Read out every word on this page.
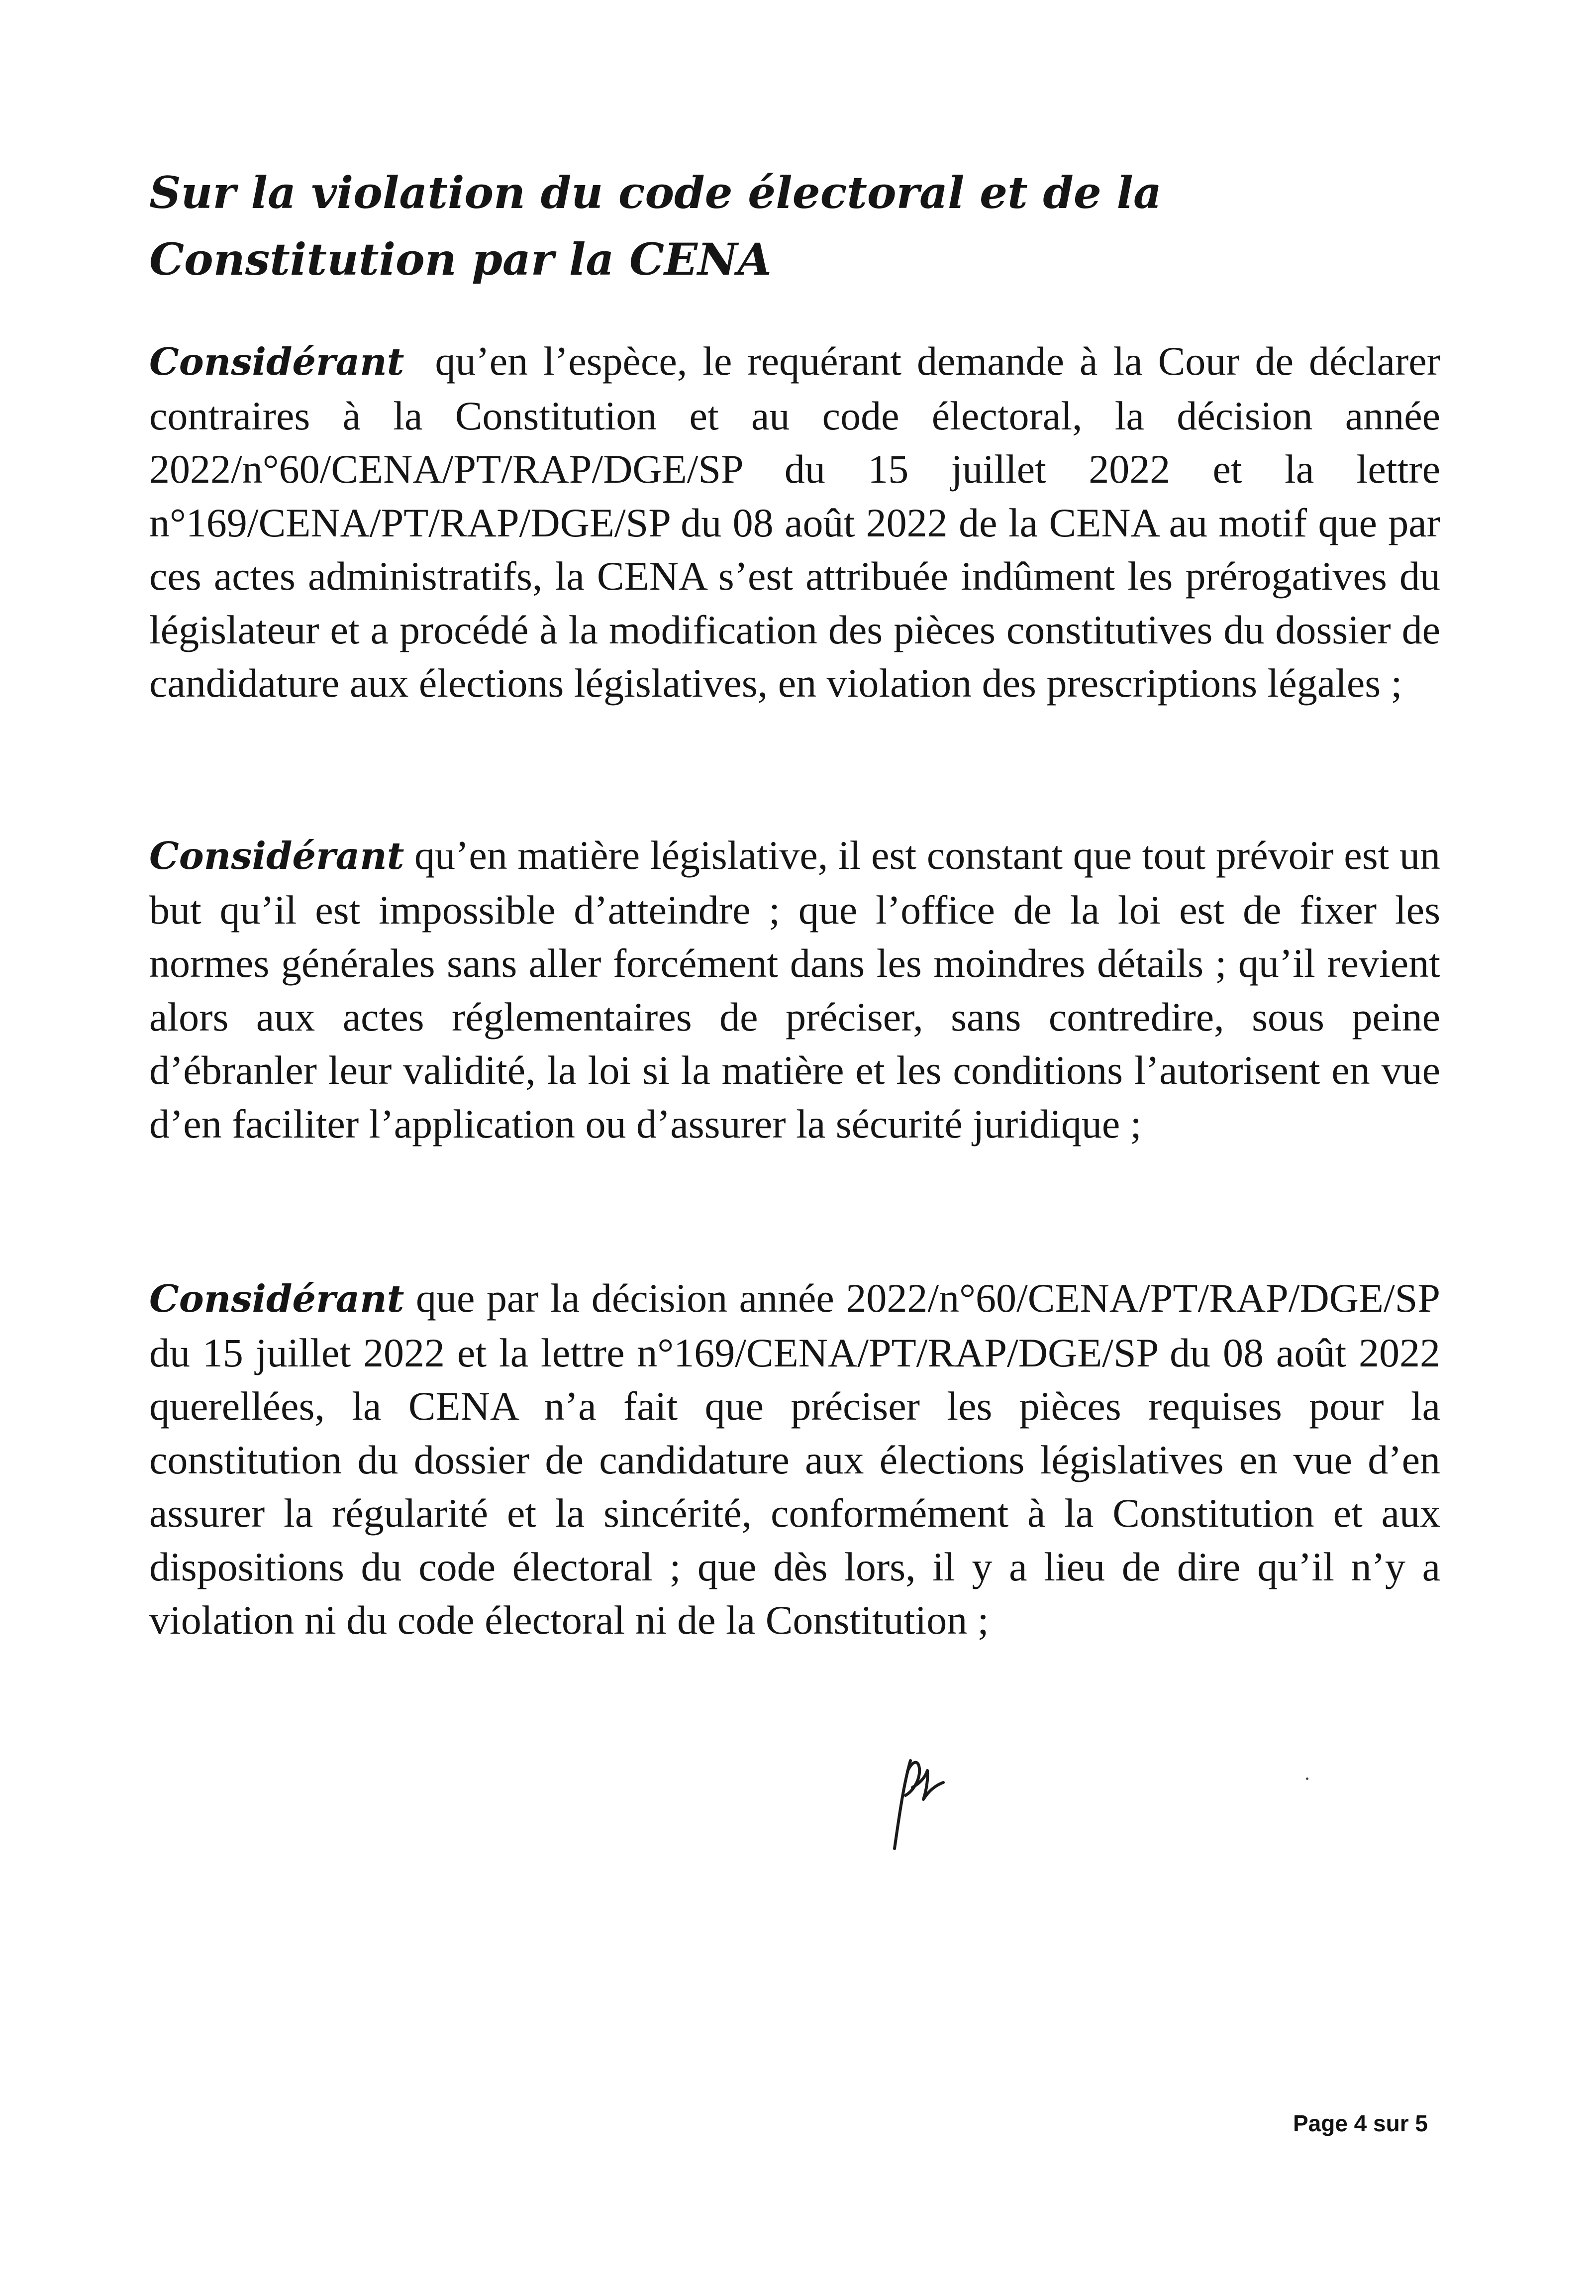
Sur la violation du code électoral et de la Constitution par la CENA

Considérant qu’en l’espèce, le requérant demande à la Cour de déclarer contraires à la Constitution et au code électoral, la décision année 2022/n°60/CENA/PT/RAP/DGE/SP du 15 juillet 2022 et la lettre n°169/CENA/PT/RAP/DGE/SP du 08 août 2022 de la CENA au motif que par ces actes administratifs, la CENA s’est attribuée indûment les prérogatives du législateur et a procédé à la modification des pièces constitutives du dossier de candidature aux élections législatives, en violation des prescriptions légales ;

Considérant qu’en matière législative, il est constant que tout prévoir est un but qu’il est impossible d’atteindre ; que l’office de la loi est de fixer les normes générales sans aller forcément dans les moindres détails ; qu’il revient alors aux actes réglementaires de préciser, sans contredire, sous peine d’ébranler leur validité, la loi si la matière et les conditions l’autorisent en vue d’en faciliter l’application ou d’assurer la sécurité juridique ;

Considérant que par la décision année 2022/n°60/CENA/PT/RAP/DGE/SP du 15 juillet 2022 et la lettre n°169/CENA/PT/RAP/DGE/SP du 08 août 2022 querellées, la CENA n’a fait que préciser les pièces requises pour la constitution du dossier de candidature aux élections législatives en vue d’en assurer la régularité et la sincérité, conformément à la Constitution et aux dispositions du code électoral ; que dès lors, il y a lieu de dire qu’il n’y a violation ni du code électoral ni de la Constitution ;

Page 4 sur 5
